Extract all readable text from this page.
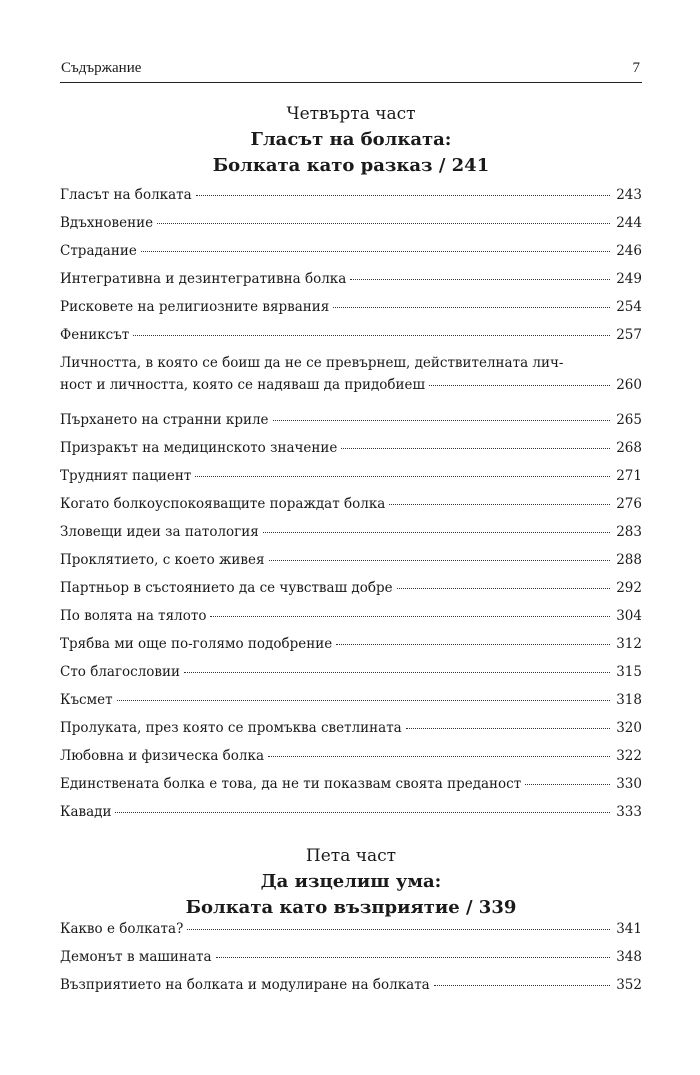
Съдържание	7
Четвърта част
Гласът на болката:
Болката като разказ / 241
Гласът на болката	243
Вдъхновение	244
Страдание	246
Интегративна и дезинтегративна болка	249
Рисковете на религиозните вярвания	254
Фениксът	257
Личността, в която се боиш да не се превърнеш, действителната лич-
ност и личността, която се надяваш да придобиеш	260
Пърхането на странни криле	265
Призракът на медицинското значение	268
Трудният пациент	271
Когато болкоуспокояващите пораждат болка	276
Зловещи идеи за патология	283
Проклятието, с което живея	288
Партньор в състоянието да се чувстваш добре	292
По волята на тялото	304
Трябва ми още по-голямо подобрение	312
Сто благословии	315
Късмет	318
Пролуката, през която се промъква светлината	320
Любовна и физическа болка	322
Единствената болка е това, да не ти показвам своята преданост	330
Кавади	333
Пета част
Да изцелиш ума:
Болката като възприятие / 339
Какво е болката?	341
Демонът в машината	348
Възприятието на болката и модулиране на болката	352
